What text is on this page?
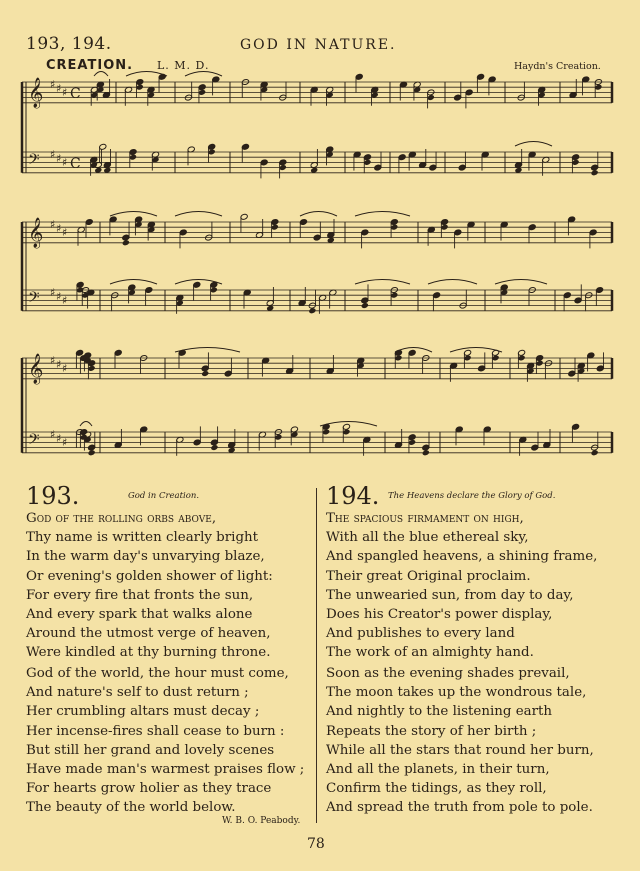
193, 194.	GOD IN NATURE.
CREATION. L. M. D.	Haydn's Creation.
𝄞 ♯ ♯ ♯ C
𝄢 ♯ ♯ ♯ C
𝄞 ♯ ♯ ♯
𝄢 ♯ ♯ ♯
𝄞 ♯ ♯ ♯
𝄢 ♯ ♯ ♯
193.	God in Creation.
God of the rolling orbs above,
Thy name is written clearly bright
In the warm day's unvarying blaze,
Or evening's golden shower of light:
For every fire that fronts the sun,
And every spark that walks alone
Around the utmost verge of heaven,
Were kindled at thy burning throne.
God of the world, the hour must come,
And nature's self to dust return ;
Her crumbling altars must decay ;
Her incense-fires shall cease to burn :
But still her grand and lovely scenes
Have made man's warmest praises flow ;
For hearts grow holier as they trace
The beauty of the world below.
W. B. O. Peabody.
194. The Heavens declare the Glory of God.
The spacious firmament on high,
With all the blue ethereal sky,
And spangled heavens, a shining frame,
Their great Original proclaim.
The unwearied sun, from day to day,
Does his Creator's power display,
And publishes to every land
The work of an almighty hand.
Soon as the evening shades prevail,
The moon takes up the wondrous tale,
And nightly to the listening earth
Repeats the story of her birth ;
While all the stars that round her burn,
And all the planets, in their turn,
Confirm the tidings, as they roll,
And spread the truth from pole to pole.
78
